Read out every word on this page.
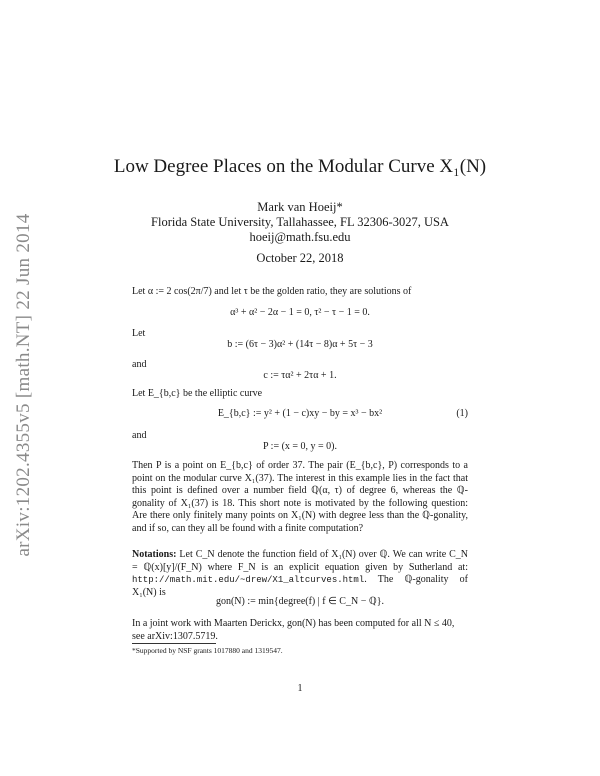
arXiv:1202.4355v5 [math.NT] 22 Jun 2014
Low Degree Places on the Modular Curve X₁(N)
Mark van Hoeij*
Florida State University, Tallahassee, FL 32306-3027, USA
hoeij@math.fsu.edu
October 22, 2018
Let α := 2 cos(2π/7) and let τ be the golden ratio, they are solutions of
α³ + α² − 2α − 1 = 0, τ² − τ − 1 = 0.
Let
b := (6τ − 3)α² + (14τ − 8)α + 5τ − 3
and
c := τα² + 2τα + 1.
Let E_{b,c} be the elliptic curve
E_{b,c} := y² + (1 − c)xy − by = x³ − bx²	(1)
and
P := (x = 0, y = 0).
Then P is a point on E_{b,c} of order 37. The pair (E_{b,c}, P) corresponds to a point on the modular curve X₁(37). The interest in this example lies in the fact that this point is defined over a number field ℚ(α, τ) of degree 6, whereas the ℚ-gonality of X₁(37) is 18. This short note is motivated by the following question: Are there only finitely many points on X₁(N) with degree less than the ℚ-gonality, and if so, can they all be found with a finite computation?
Notations: Let C_N denote the function field of X₁(N) over ℚ. We can write C_N = ℚ(x)[y]/(F_N) where F_N is an explicit equation given by Sutherland at: http://math.mit.edu/~drew/X1_altcurves.html. The ℚ-gonality of X₁(N) is
gon(N) := min{degree(f) | f ∈ C_N − ℚ}.
In a joint work with Maarten Derickx, gon(N) has been computed for all N ≤ 40, see arXiv:1307.5719.
*Supported by NSF grants 1017880 and 1319547.
1
